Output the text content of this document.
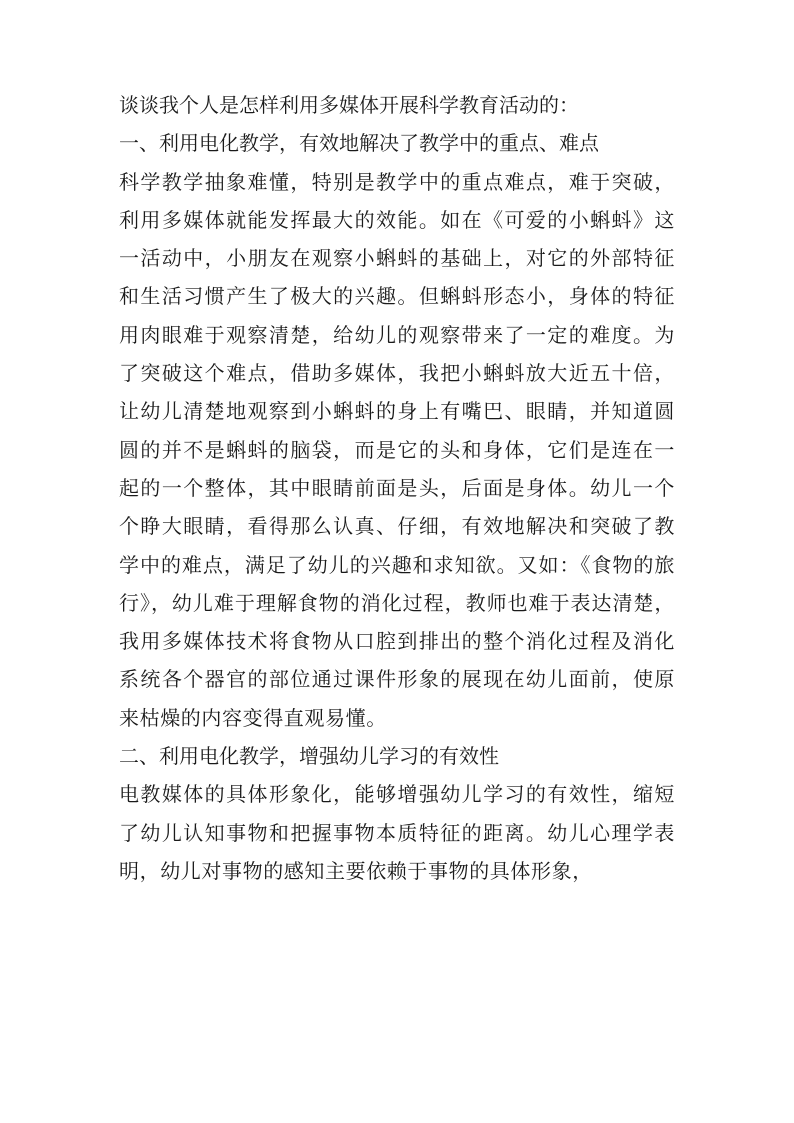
谈谈我个人是怎样利用多媒体开展科学教育活动的：

一、利用电化教学，有效地解决了教学中的重点、难点

科学教学抽象难懂，特别是教学中的重点难点，难于突破，利用多媒体就能发挥最大的效能。如在《可爱的小蝌蚪》这一活动中，小朋友在观察小蝌蚪的基础上，对它的外部特征和生活习惯产生了极大的兴趣。但蝌蚪形态小，身体的特征用肉眼难于观察清楚，给幼儿的观察带来了一定的难度。为了突破这个难点，借助多媒体，我把小蝌蚪放大近五十倍，让幼儿清楚地观察到小蝌蚪的身上有嘴巴、眼睛，并知道圆圆的并不是蝌蚪的脑袋，而是它的头和身体，它们是连在一起的一个整体，其中眼睛前面是头，后面是身体。幼儿一个个睁大眼睛，看得那么认真、仔细，有效地解决和突破了教学中的难点，满足了幼儿的兴趣和求知欲。又如：《食物的旅行》，幼儿难于理解食物的消化过程，教师也难于表达清楚，我用多媒体技术将食物从口腔到排出的整个消化过程及消化系统各个器官的部位通过课件形象的展现在幼儿面前，使原来枯燥的内容变得直观易懂。

二、利用电化教学，增强幼儿学习的有效性

电教媒体的具体形象化，能够增强幼儿学习的有效性，缩短了幼儿认知事物和把握事物本质特征的距离。幼儿心理学表明，幼儿对事物的感知主要依赖于事物的具体形象，
